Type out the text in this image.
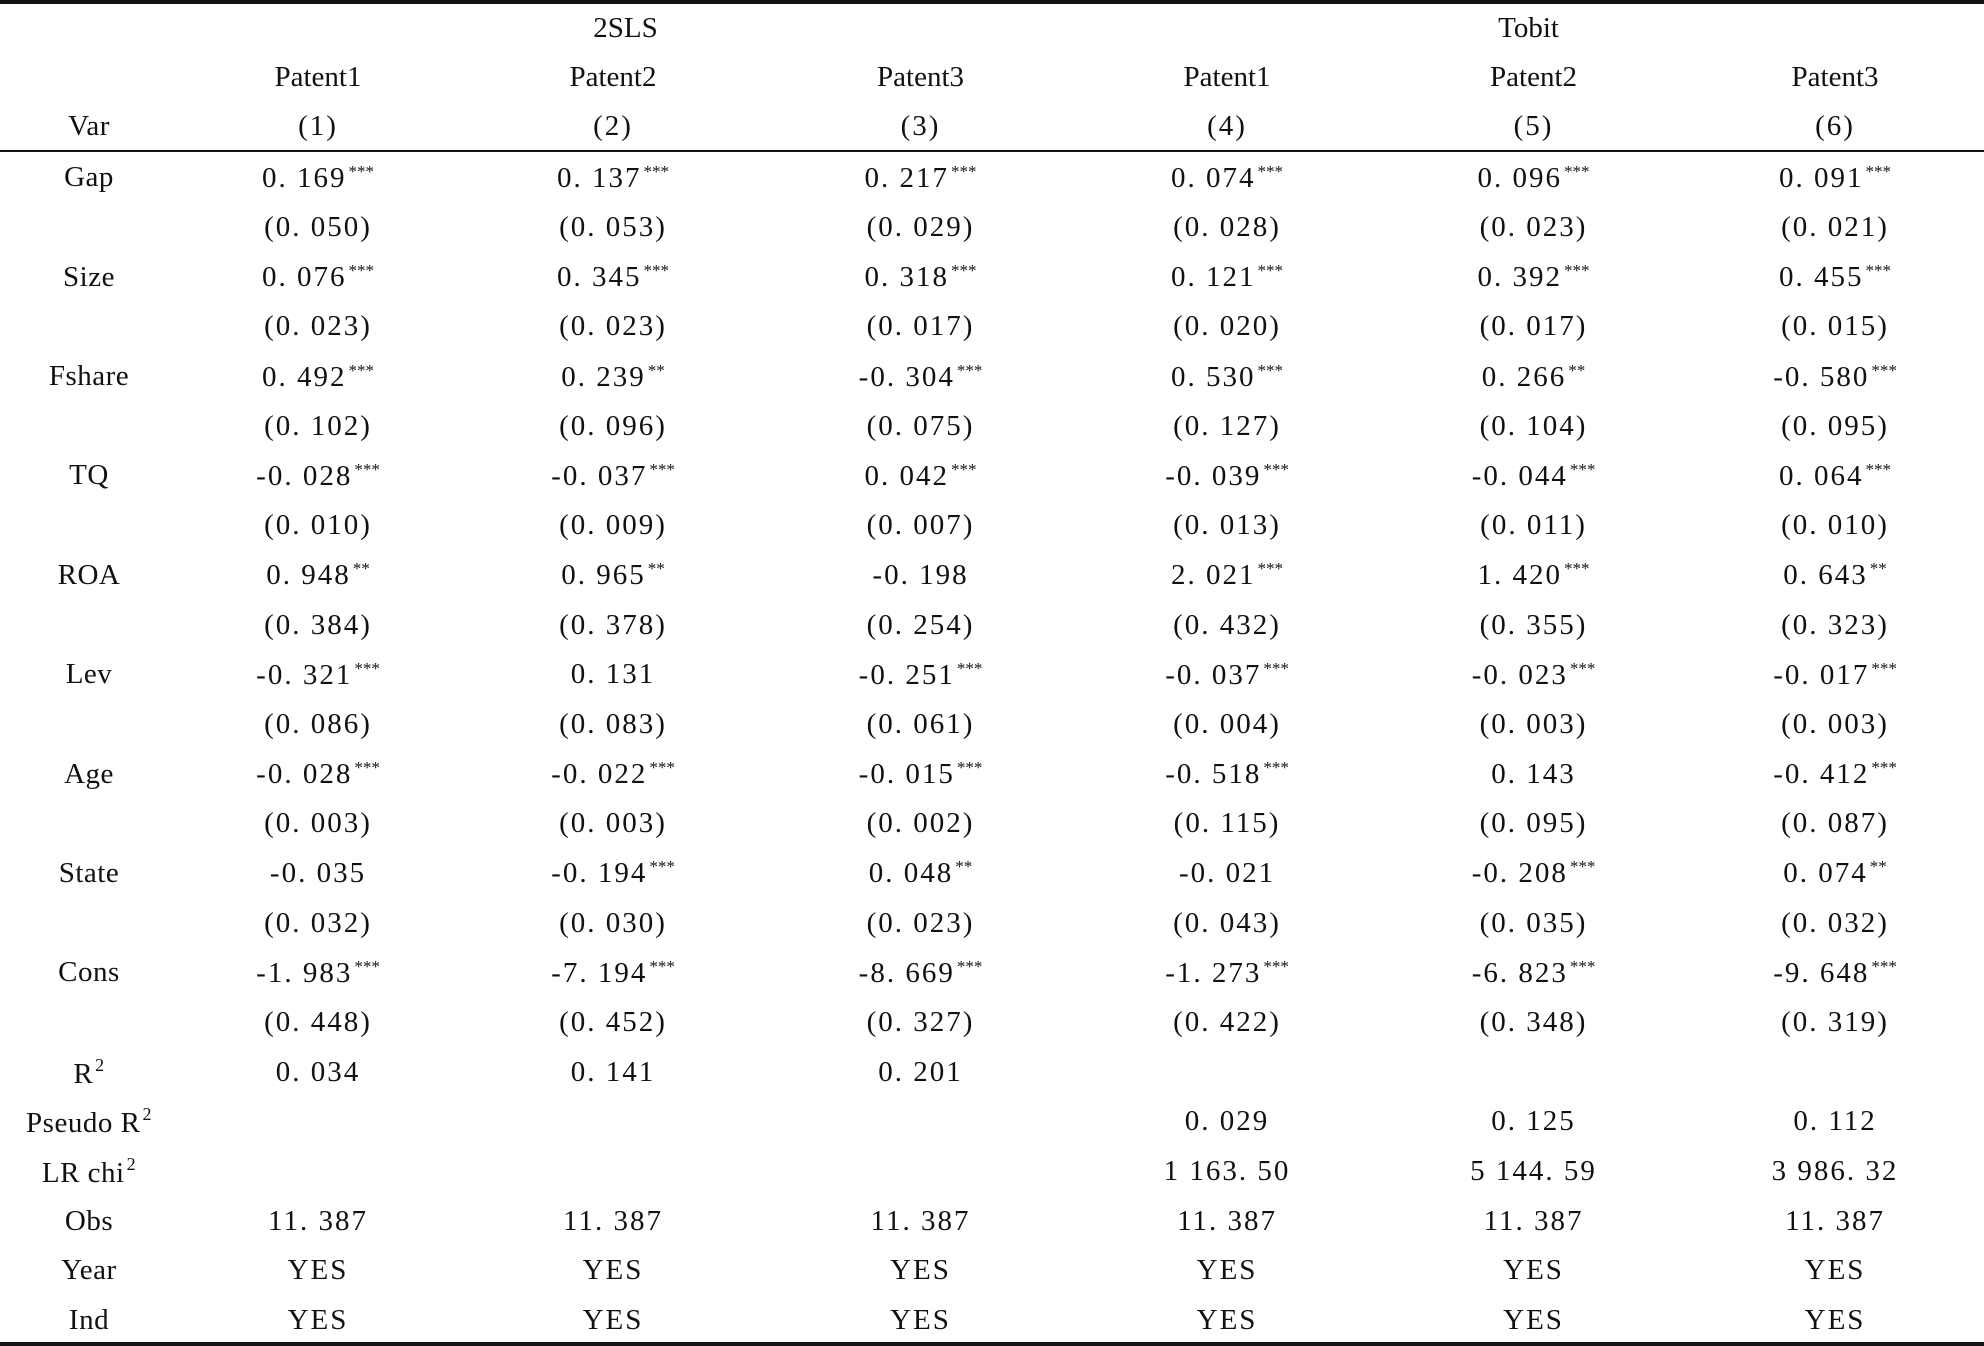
	2SLS			Tobit		
	Patent1	Patent2	Patent3	Patent1	Patent2	Patent3
Var	(1)	(2)	(3)	(4)	(5)	(6)

Gap	0. 169 ***	0. 137 ***	0. 217 ***	0. 074 ***	0. 096 ***	0. 091 ***
	(0. 050)	(0. 053)	(0. 029)	(0. 028)	(0. 023)	(0. 021)
Size	0. 076 ***	0. 345 ***	0. 318 ***	0. 121 ***	0. 392 ***	0. 455 ***
	(0. 023)	(0. 023)	(0. 017)	(0. 020)	(0. 017)	(0. 015)
Fshare	0. 492 ***	0. 239 **	-0. 304 ***	0. 530 ***	0. 266 **	-0. 580 ***
	(0. 102)	(0. 096)	(0. 075)	(0. 127)	(0. 104)	(0. 095)
TQ	-0. 028 ***	-0. 037 ***	0. 042 ***	-0. 039 ***	-0. 044 ***	0. 064 ***
	(0. 010)	(0. 009)	(0. 007)	(0. 013)	(0. 011)	(0. 010)
ROA	0. 948 **	0. 965 **	-0. 198	2. 021 ***	1. 420 ***	0. 643 **
	(0. 384)	(0. 378)	(0. 254)	(0. 432)	(0. 355)	(0. 323)
Lev	-0. 321 ***	0. 131	-0. 251 ***	-0. 037 ***	-0. 023 ***	-0. 017 ***
	(0. 086)	(0. 083)	(0. 061)	(0. 004)	(0. 003)	(0. 003)
Age	-0. 028 ***	-0. 022 ***	-0. 015 ***	-0. 518 ***	0. 143	-0. 412 ***
	(0. 003)	(0. 003)	(0. 002)	(0. 115)	(0. 095)	(0. 087)
State	-0. 035	-0. 194 ***	0. 048 **	-0. 021	-0. 208 ***	0. 074 **
	(0. 032)	(0. 030)	(0. 023)	(0. 043)	(0. 035)	(0. 032)
Cons	-1. 983 ***	-7. 194 ***	-8. 669 ***	-1. 273 ***	-6. 823 ***	-9. 648 ***
	(0. 448)	(0. 452)	(0. 327)	(0. 422)	(0. 348)	(0. 319)
R $^2$	0. 034	0. 141	0. 201			
Pseudo R $^2$				0. 029	0. 125	0. 112
LR chi $^2$				1 163. 50	5 144. 59	3 986. 32
Obs	11. 387	11. 387	11. 387	11. 387	11. 387	11. 387
Year	YES	YES	YES	YES	YES	YES
Ind	YES	YES	YES	YES	YES	YES
